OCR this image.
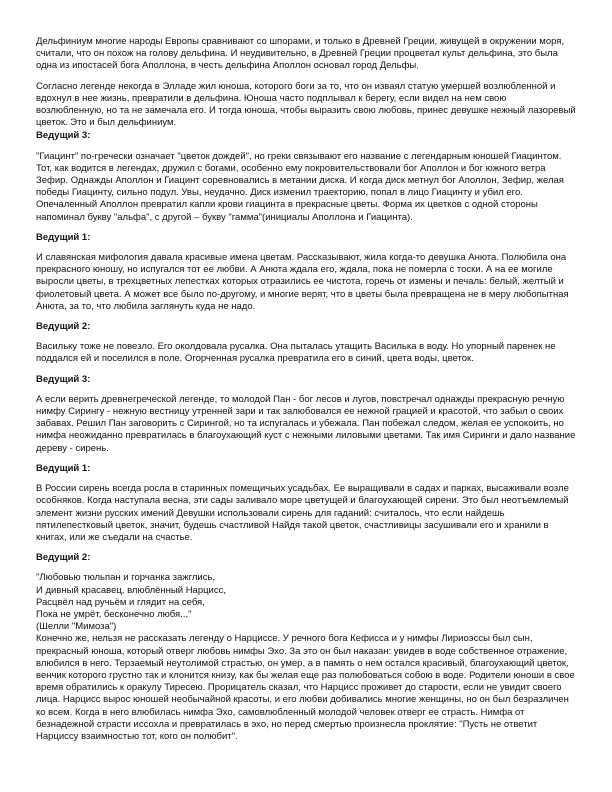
Дельфиниум многие народы Европы сравнивают со шпорами, и только в Древней Греции, живущей в окружении моря, считали, что он похож на голову дельфина. И неудивительно, в Древней Греции процветал культ дельфина, это была одна из ипостасей бога Аполлона, в честь дельфина Аполлон основал город Дельфы.

Согласно легенде некогда в Элладе жил юноша, которого боги за то, что он изваял статую умершей возлюбленной и вдохнул в нее жизнь, превратили в дельфина. Юноша часто подплывал к берегу, если видел на нем свою возлюбленную, но та не замечала его. И тогда юноша, чтобы выразить свою любовь, принес девушке нежный лазоревый цветок. Это и был дельфиниум.

Ведущий 3:

"Гиацинт" по-гречески означает "цветок дождей", но греки связывают его название с легендарным юношей Гиацинтом. Тот, как водится в легендах, дружил с богами, особенно ему покровительствовали бог Аполлон и бог южного ветра Зефир. Однажды Аполлон и Гиацинт соревновались в метании диска. И когда диск метнул бог Аполлон, Зефир, желая победы Гиацинту, сильно подул. Увы, неудачно. Диск изменил траекторию, попал в лицо Гиацинту и убил его. Опечаленный Аполлон превратил капли крови гиацинта в прекрасные цветы. Форма их цветков с одной стороны напоминал букву "альфа", с другой – букву "гамма"(инициалы Аполлона и Гиацинта).

Ведущий 1:

И славянская мифология давала красивые имена цветам. Рассказывают, жила когда-то девушка Анюта. Полюбила она прекрасного юношу, но испугался тот ее любви. А Анюта ждала его, ждала, пока не померла с тоски. А на ее могиле выросли цветы, в трехцветных лепестках которых отразились ее чистота, горечь от измены и печаль: белый, желтый и фиолетовый цвета. А может все было по-другому, и многие верят, что в цветы была превращена не в меру любопытная Анюта, за то, что любила заглянуть куда не надо.

Ведущий 2:

Васильку тоже не повезло. Его околдовала русалка. Она пыталась утащить Василька в воду. Но упорный паренек не поддался ей и поселился в поле. Огорченная русалка превратила его в синий, цвета воды, цветок.

Ведущий 3:

А если верить древнегреческой легенде, то молодой Пан - бог лесов и лугов, повстречал однажды прекрасную речную нимфу Сирингу - нежную вестницу утренней зари и так залюбовался ее нежной грацией и красотой, что забыл о своих забавах. Решил Пан заговорить с Сирингой, но та испугалась и убежала. Пан побежал следом, желая ее успокоить, но нимфа неожиданно превратилась в благоухающий куст с нежными лиловыми цветами. Так имя Сиринги и дало название дереву - сирень.

Ведущий 1:

В России сирень всегда росла в старинных помещичьих усадьбах. Ее выращивали в садах и парках, высаживали возле особняков. Когда наступала весна, эти сады заливало море цветущей и благоухающей сирени. Это был неотъемлемый элемент жизни русских имений Девушки использовали сирень для гаданий: считалось, что если найдешь пятилепестковый цветок, значит, будешь счастливой Найдя такой цветок, счастливицы засушивали его и хранили в книгах, или же съедали на счастье.

Ведущий 2:
"Любовью тюльпан и горчанка зажглись,
И дивный красавец, влюблённый Нарцисс,
Расцвёл над ручьём и глядит на себя,
Пока не умрёт, бесконечно любя..."
(Шелли "Мимоза")

Конечно же, нельзя не рассказать легенду о Нарциссе. У речного бога Кефисса и у нимфы Лириоэссы был сын, прекрасный юноша, который отверг любовь нимфы Эхо. За это он был наказан: увидев в воде собственное отражение, влюбился в него. Терзаемый неутолимой страстью, он умер, а в память о нем остался красивый, благоухающий цветок, венчик которого грустно так и клонится книзу, как бы желая еще раз полюбоваться собою в воде. Родители юноши в свое время обратились к оракулу Тиресею. Прорицатель сказал, что Нарцисс проживет до старости, если не увидит своего лица. Нарцисс вырос юношей необычайной красоты, и его любви добивались многие женщины, но он был безразличен ко всем. Когда в него влюбилась нимфа Эхо, самовлюбленный молодой человек отверг ее страсть. Нимфа от безнадежной страсти иссохла и превратилась в эхо, но перед смертью произнесла проклятие: "Пусть не ответит Нарциссу взаимностью тот, кого он полюбит".
